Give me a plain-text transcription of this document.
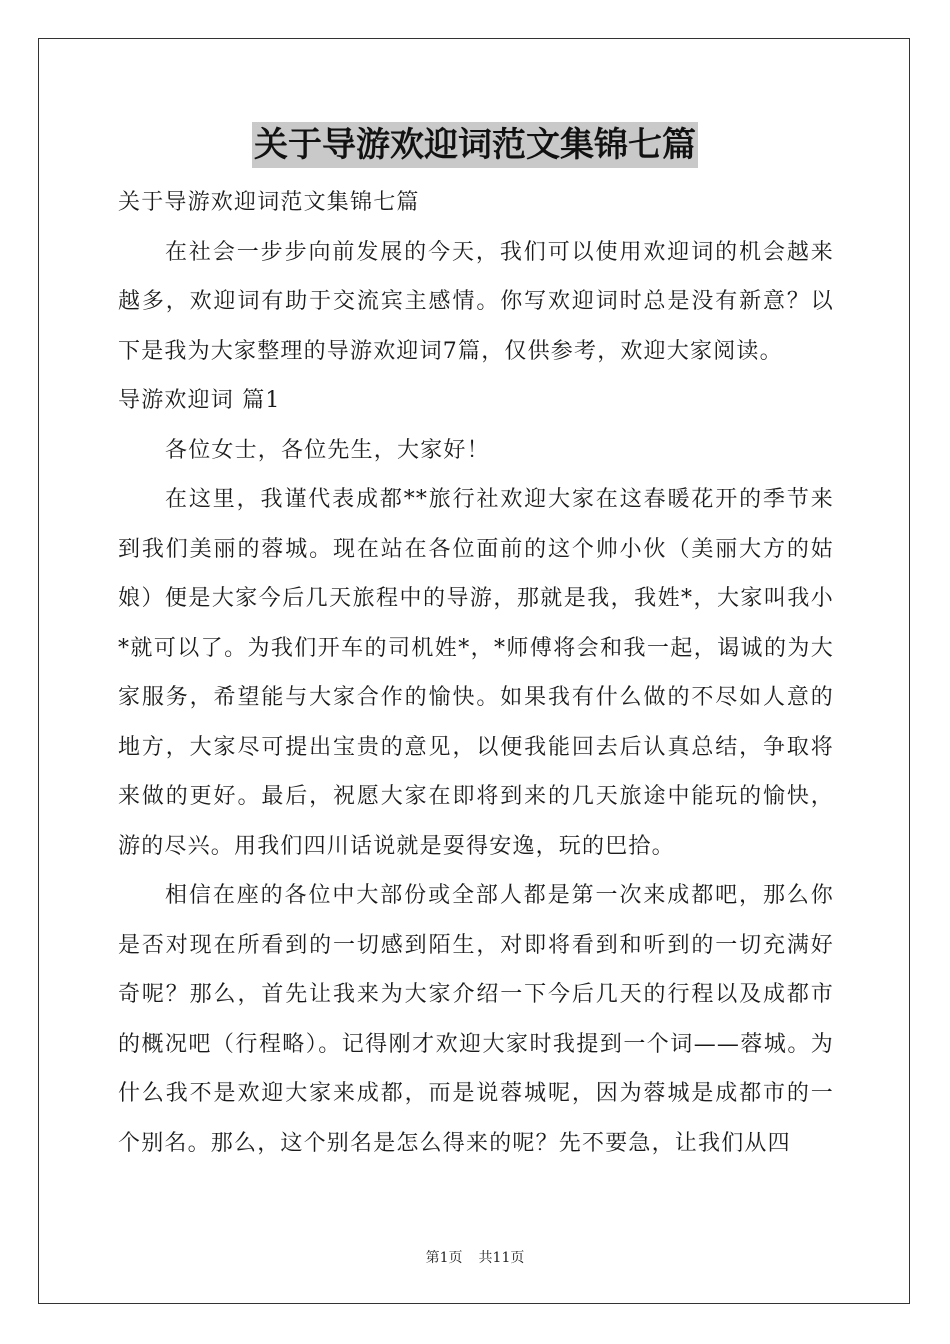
关于导游欢迎词范文集锦七篇

关于导游欢迎词范文集锦七篇

在社会一步步向前发展的今天，我们可以使用欢迎词的机会越来越多，欢迎词有助于交流宾主感情。你写欢迎词时总是没有新意？以下是我为大家整理的导游欢迎词7篇，仅供参考，欢迎大家阅读。

导游欢迎词 篇1

各位女士，各位先生，大家好！

在这里，我谨代表成都**旅行社欢迎大家在这春暖花开的季节来到我们美丽的蓉城。现在站在各位面前的这个帅小伙（美丽大方的姑娘）便是大家今后几天旅程中的导游，那就是我，我姓*，大家叫我小*就可以了。为我们开车的司机姓*，*师傅将会和我一起，谒诚的为大家服务，希望能与大家合作的愉快。如果我有什么做的不尽如人意的地方，大家尽可提出宝贵的意见，以便我能回去后认真总结，争取将来做的更好。最后，祝愿大家在即将到来的几天旅途中能玩的愉快，游的尽兴。用我们四川话说就是耍得安逸，玩的巴拾。

相信在座的各位中大部份或全部人都是第一次来成都吧，那么你是否对现在所看到的一切感到陌生，对即将看到和听到的一切充满好奇呢？那么，首先让我来为大家介绍一下今后几天的行程以及成都市的概况吧（行程略）。记得刚才欢迎大家时我提到一个词——蓉城。为什么我不是欢迎大家来成都，而是说蓉城呢，因为蓉城是成都市的一个别名。那么，这个别名是怎么得来的呢？先不要急，让我们从四

第1页 共11页
